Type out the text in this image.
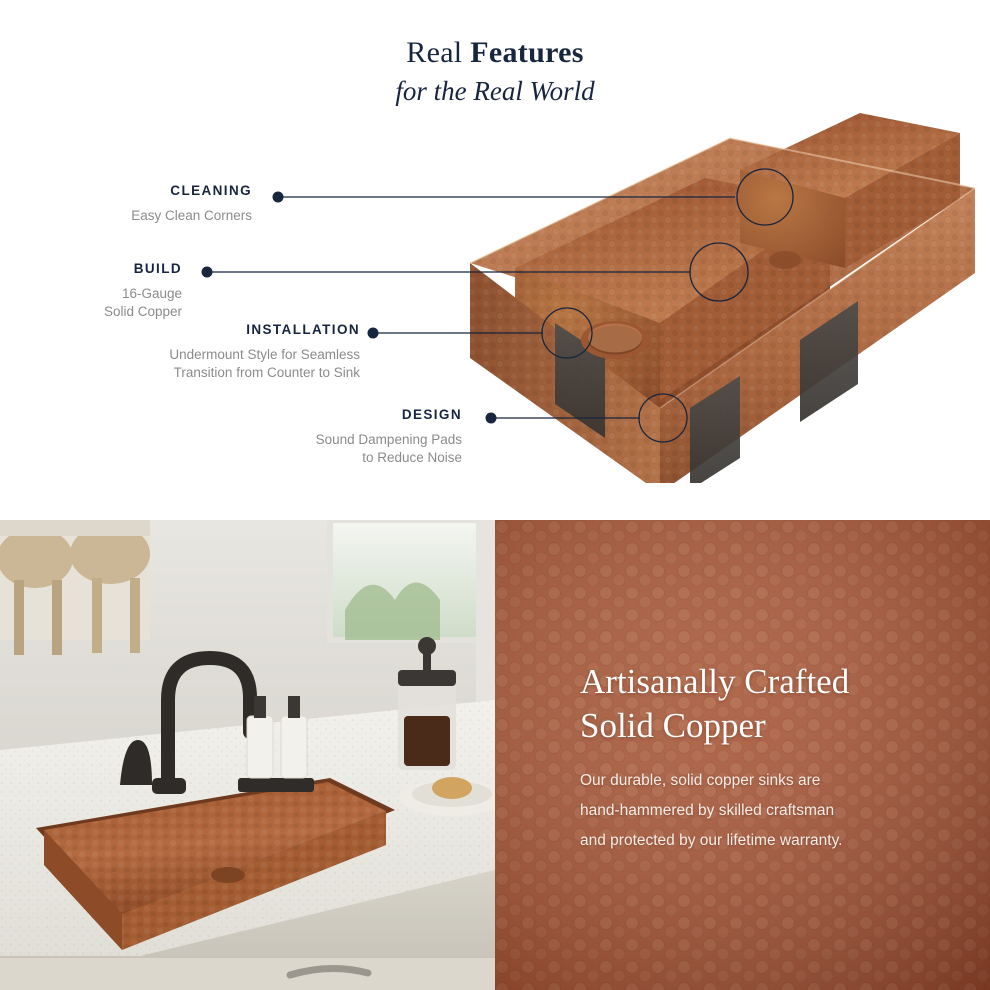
Real Features
for the Real World
CLEANING
Easy Clean Corners
BUILD
16-Gauge
Solid Copper
INSTALLATION
Undermount Style for Seamless
Transition from Counter to Sink
DESIGN
Sound Dampening Pads
to Reduce Noise
Artisanally Crafted
Solid Copper
Our durable, solid copper sinks are
hand-hammered by skilled craftsman
and protected by our lifetime warranty.
